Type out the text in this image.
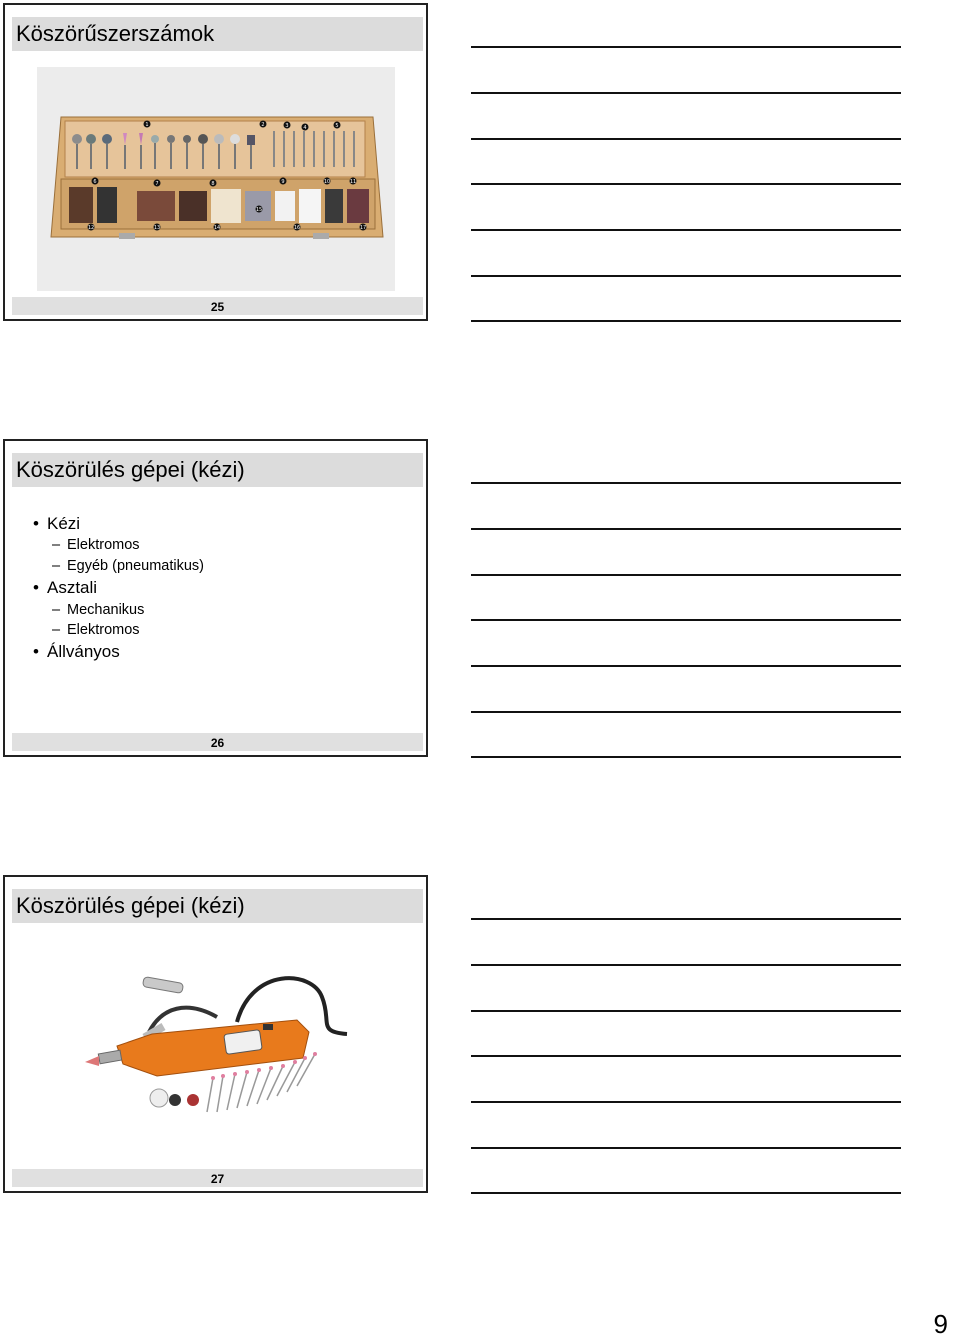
Köszörűszerszámok
1	2	3	4	5
6	7	8	9	10	11
12	13	14
15
16	17
25
Köszörülés gépei (kézi)
• Kézi
– Elektromos
– Egyéb (pneumatikus)
• Asztali
– Mechanikus
– Elektromos
• Állványos
26
Köszörülés gépei (kézi)
27
9
